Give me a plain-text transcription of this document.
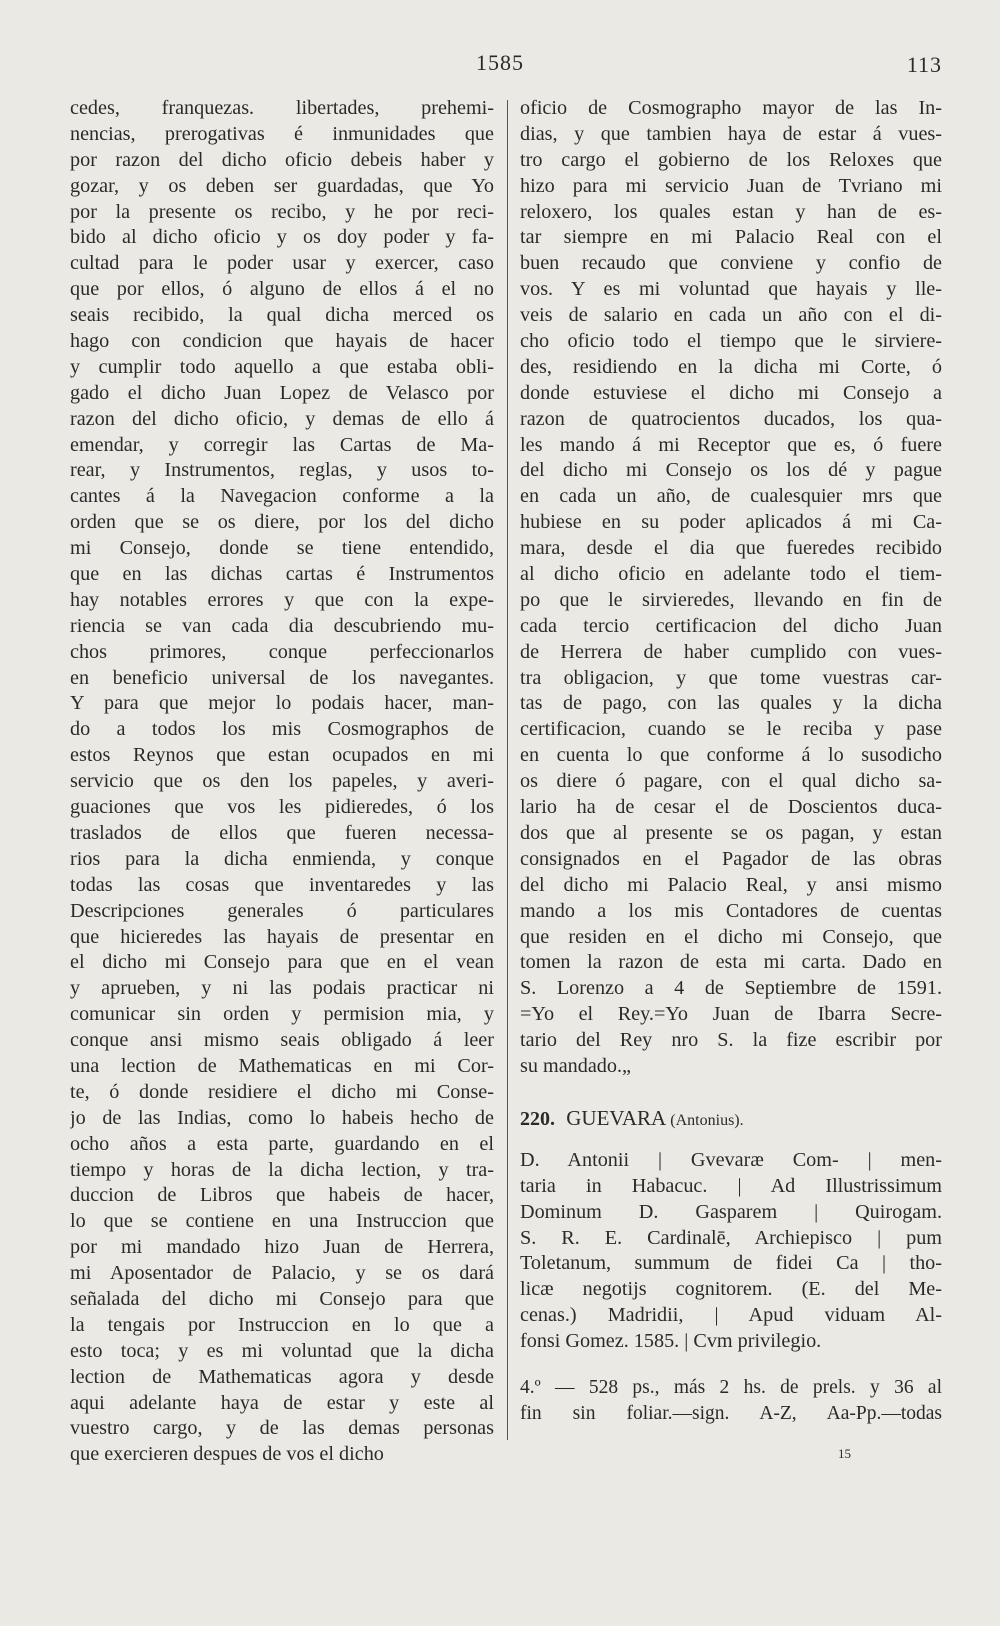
1585	113
cedes, franquezas. libertades, prehemi-
nencias, prerogativas é inmunidades que
por razon del dicho oficio debeis haber y
gozar, y os deben ser guardadas, que Yo
por la presente os recibo, y he por reci-
bido al dicho oficio y os doy poder y fa-
cultad para le poder usar y exercer, caso
que por ellos, ó alguno de ellos á el no
seais recibido, la qual dicha merced os
hago con condicion que hayais de hacer
y cumplir todo aquello a que estaba obli-
gado el dicho Juan Lopez de Velasco por
razon del dicho oficio, y demas de ello á
emendar, y corregir las Cartas de Ma-
rear, y Instrumentos, reglas, y usos to-
cantes á la Navegacion conforme a la
orden que se os diere, por los del dicho
mi Consejo, donde se tiene entendido,
que en las dichas cartas é Instrumentos
hay notables errores y que con la expe-
riencia se van cada dia descubriendo mu-
chos primores, conque perfeccionarlos
en beneficio universal de los navegantes.
Y para que mejor lo podais hacer, man-
do a todos los mis Cosmographos de
estos Reynos que estan ocupados en mi
servicio que os den los papeles, y averi-
guaciones que vos les pidieredes, ó los
traslados de ellos que fueren necessa-
rios para la dicha enmienda, y conque
todas las cosas que inventaredes y las
Descripciones generales ó particulares
que hicieredes las hayais de presentar en
el dicho mi Consejo para que en el vean
y aprueben, y ni las podais practicar ni
comunicar sin orden y permision mia, y
conque ansi mismo seais obligado á leer
una lection de Mathematicas en mi Cor-
te, ó donde residiere el dicho mi Conse-
jo de las Indias, como lo habeis hecho de
ocho años a esta parte, guardando en el
tiempo y horas de la dicha lection, y tra-
duccion de Libros que habeis de hacer,
lo que se contiene en una Instruccion que
por mi mandado hizo Juan de Herrera,
mi Aposentador de Palacio, y se os dará
señalada del dicho mi Consejo para que
la tengais por Instruccion en lo que a
esto toca; y es mi voluntad que la dicha
lection de Mathematicas agora y desde
aqui adelante haya de estar y este al
vuestro cargo, y de las demas personas
que exercieren despues de vos el dicho
oficio de Cosmographo mayor de las In-
dias, y que tambien haya de estar á vues-
tro cargo el gobierno de los Reloxes que
hizo para mi servicio Juan de Tvriano mi
reloxero, los quales estan y han de es-
tar siempre en mi Palacio Real con el
buen recaudo que conviene y confio de
vos. Y es mi voluntad que hayais y lle-
veis de salario en cada un año con el di-
cho oficio todo el tiempo que le sirviere-
des, residiendo en la dicha mi Corte, ó
donde estuviese el dicho mi Consejo a
razon de quatrocientos ducados, los qua-
les mando á mi Receptor que es, ó fuere
del dicho mi Consejo os los dé y pague
en cada un año, de cualesquier mrs que
hubiese en su poder aplicados á mi Ca-
mara, desde el dia que fueredes recibido
al dicho oficio en adelante todo el tiem-
po que le sirvieredes, llevando en fin de
cada tercio certificacion del dicho Juan
de Herrera de haber cumplido con vues-
tra obligacion, y que tome vuestras car-
tas de pago, con las quales y la dicha
certificacion, cuando se le reciba y pase
en cuenta lo que conforme á lo susodicho
os diere ó pagare, con el qual dicho sa-
lario ha de cesar el de Doscientos duca-
dos que al presente se os pagan, y estan
consignados en el Pagador de las obras
del dicho mi Palacio Real, y ansi mismo
mando a los mis Contadores de cuentas
que residen en el dicho mi Consejo, que
tomen la razon de esta mi carta. Dado en
S. Lorenzo a 4 de Septiembre de 1591.
=Yo el Rey.=Yo Juan de Ibarra Secre-
tario del Rey nro S. la fize escribir por
su mandado.„
220. GUEVARA (Antonius).
D. Antonii | Gvevaræ Com- | men-
taria in Habacuc. | Ad Illustrissimum
Dominum D. Gasparem | Quirogam.
S. R. E. Cardinalē, Archiepisco | pum
Toletanum, summum de fidei Ca | tho-
licæ negotijs cognitorem. (E. del Me-
cenas.) Madridii, | Apud viduam Al-
fonsi Gomez. 1585. | Cvm privilegio.
4.º — 528 ps., más 2 hs. de prels. y 36 al
fin sin foliar.—sign. A-Z, Aa-Pp.—todas
15
